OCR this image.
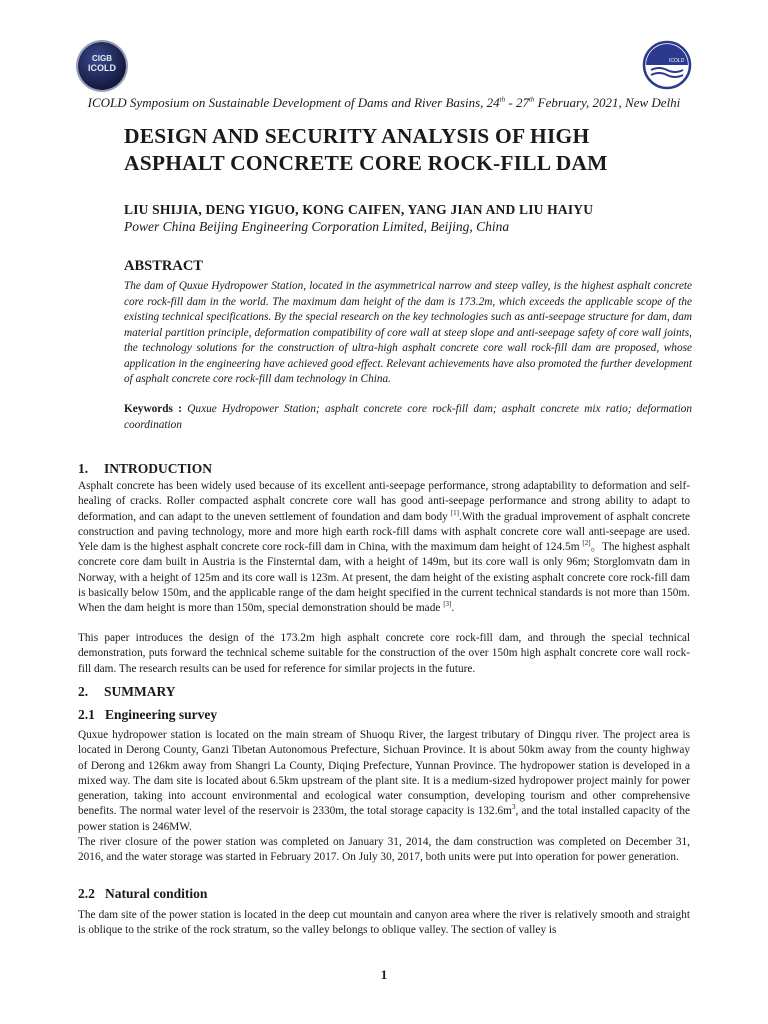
CIGB
ICOLD
ICOLD
ICOLD Symposium on Sustainable Development of Dams and River Basins, 24th - 27th February, 2021, New Delhi
DESIGN AND SECURITY ANALYSIS OF HIGH
ASPHALT CONCRETE CORE ROCK-FILL DAM
LIU SHIJIA, DENG YIGUO, KONG CAIFEN, YANG JIAN AND LIU HAIYU
Power China Beijing Engineering Corporation Limited, Beijing, China
ABSTRACT
The dam of Quxue Hydropower Station, located in the asymmetrical narrow and steep valley, is the highest asphalt concrete core rock-fill dam in the world. The maximum dam height of the dam is 173.2m, which exceeds the applicable scope of the existing technical specifications. By the special research on the key technologies such as anti-seepage structure for dam, dam material partition principle, deformation compatibility of core wall at steep slope and anti-seepage safety of core wall joints, the technology solutions for the construction of ultra-high asphalt concrete core wall rock-fill dam are proposed, whose application in the engineering have achieved good effect. Relevant achievements have also promoted the further development of asphalt concrete core rock-fill dam technology in China.
Keywords : Quxue Hydropower Station; asphalt concrete core rock-fill dam; asphalt concrete mix ratio; deformation coordination
1. INTRODUCTION
Asphalt concrete has been widely used because of its excellent anti-seepage performance, strong adaptability to deformation and self-healing of cracks. Roller compacted asphalt concrete core wall has good anti-seepage performance and strong ability to adapt to deformation, and can adapt to the uneven settlement of foundation and dam body [1].With the gradual improvement of asphalt concrete construction and paving technology, more and more high earth rock-fill dams with asphalt concrete core wall anti-seepage are used. Yele dam is the highest asphalt concrete core rock-fill dam in China, with the maximum dam height of 124.5m [2]。The highest asphalt concrete core dam built in Austria is the Finsterntal dam, with a height of 149m, but its core wall is only 96m; Storglomvatn dam in Norway, with a height of 125m and its core wall is 123m. At present, the dam height of the existing asphalt concrete core rock-fill dam is basically below 150m, and the applicable range of the dam height specified in the current technical standards is not more than 150m. When the dam height is more than 150m, special demonstration should be made [3].
This paper introduces the design of the 173.2m high asphalt concrete core rock-fill dam, and through the special technical demonstration, puts forward the technical scheme suitable for the construction of the over 150m high asphalt concrete core wall rock-fill dam. The research results can be used for reference for similar projects in the future.
2. SUMMARY
2.1 Engineering survey
Quxue hydropower station is located on the main stream of Shuoqu River, the largest tributary of Dingqu river. The project area is located in Derong County, Ganzi Tibetan Autonomous Prefecture, Sichuan Province. It is about 50km away from the county highway of Derong and 126km away from Shangri La County, Diqing Prefecture, Yunnan Province. The hydropower station is developed in a mixed way. The dam site is located about 6.5km upstream of the plant site. It is a medium-sized hydropower project mainly for power generation, taking into account environmental and ecological water consumption, developing tourism and other comprehensive benefits. The normal water level of the reservoir is 2330m, the total storage capacity is 132.6m$^3$, and the total installed capacity of the power station is 246MW.
The river closure of the power station was completed on January 31, 2014, the dam construction was completed on December 31, 2016, and the water storage was started in February 2017. On July 30, 2017, both units were put into operation for power generation.
2.2 Natural condition
The dam site of the power station is located in the deep cut mountain and canyon area where the river is relatively smooth and straight is oblique to the strike of the rock stratum, so the valley belongs to oblique valley. The section of valley is
1
